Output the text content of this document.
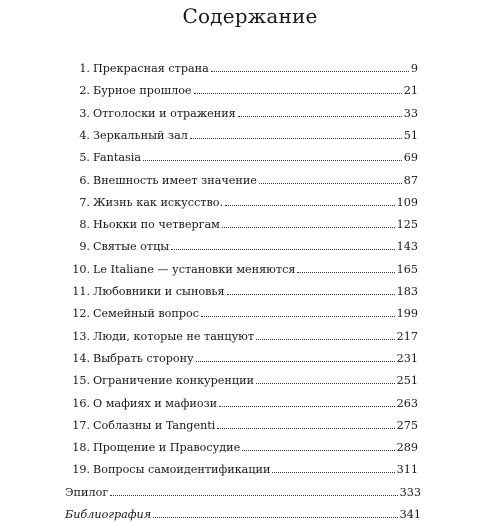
Содержание
1. Прекрасная страна	9
2. Бурное прошлое	21
3. Отголоски и отражения	33
4. Зеркальный зал	51
5. Fantasia	69
6. Внешность имеет значение	87
7. Жизнь как искусство.	109
8. Ньокки по четвергам	125
9. Святые отцы	143
10. Le Italiane — установки меняются	165
11. Любовники и сыновья	183
12. Семейный вопрос	199
13. Люди, которые не танцуют	217
14. Выбрать сторону	231
15. Ограничение конкуренции	251
16. О мафиях и мафиози	263
17. Соблазны и Tangenti	275
18. Прощение и Правосудие	289
19. Вопросы самоидентификации	311
Эпилог	333
Библиография	341
